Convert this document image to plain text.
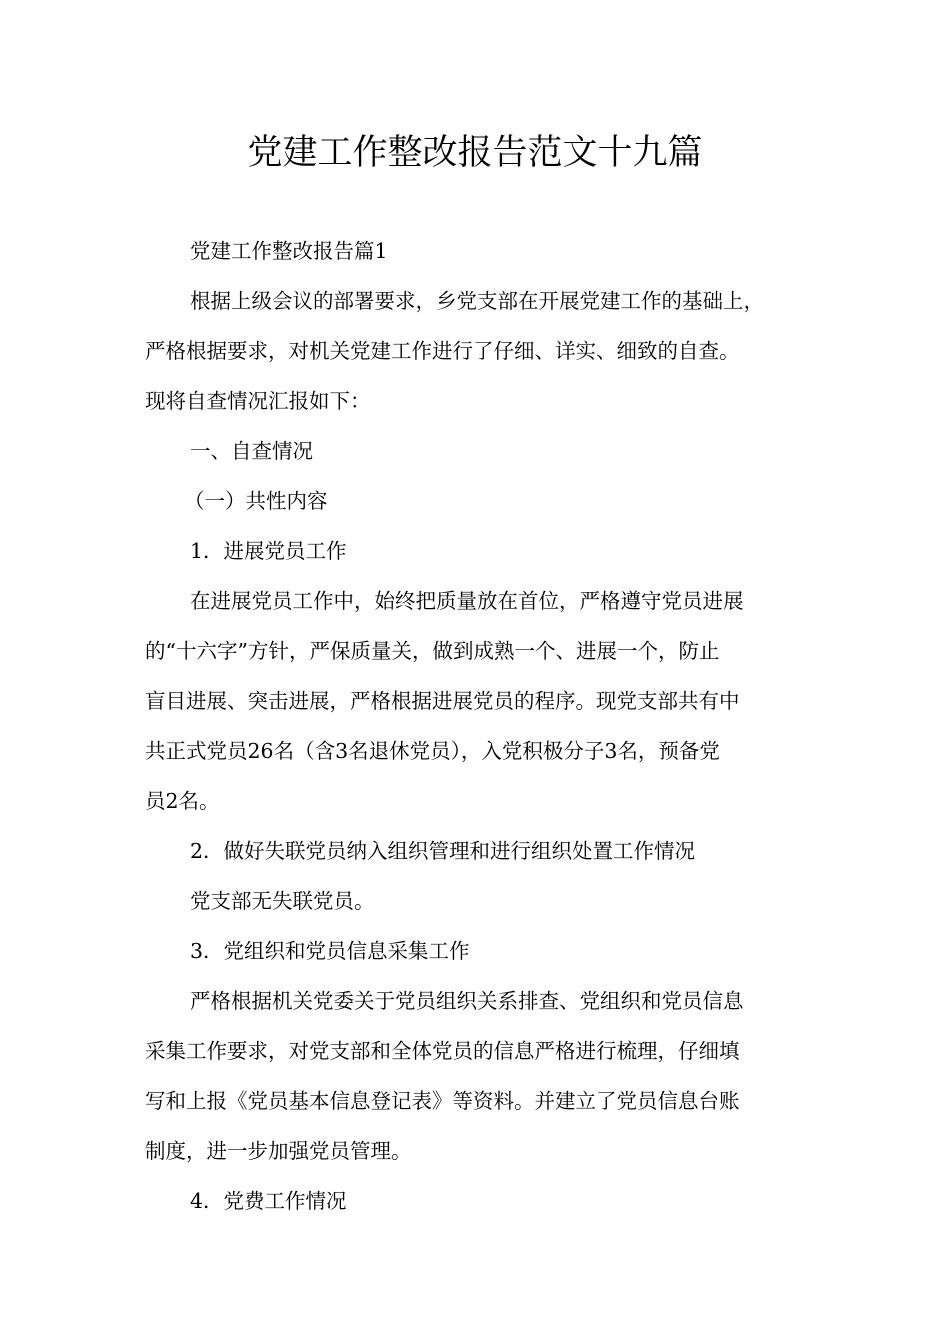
党建工作整改报告范文十九篇

党建工作整改报告篇1

根据上级会议的部署要求，乡党支部在开展党建工作的基础上，

严格根据要求，对机关党建工作进行了仔细、详实、细致的自查。

现将自查情况汇报如下：

一、自查情况

（一）共性内容

1．进展党员工作

在进展党员工作中，始终把质量放在首位，严格遵守党员进展

的“十六字”方针，严保质量关，做到成熟一个、进展一个，防止

盲目进展、突击进展，严格根据进展党员的程序。现党支部共有中

共正式党员26名（含3名退休党员），入党积极分子3名，预备党

员2名。

2．做好失联党员纳入组织管理和进行组织处置工作情况

党支部无失联党员。

3．党组织和党员信息采集工作

严格根据机关党委关于党员组织关系排查、党组织和党员信息

采集工作要求，对党支部和全体党员的信息严格进行梳理，仔细填

写和上报《党员基本信息登记表》等资料。并建立了党员信息台账

制度，进一步加强党员管理。

4．党费工作情况
